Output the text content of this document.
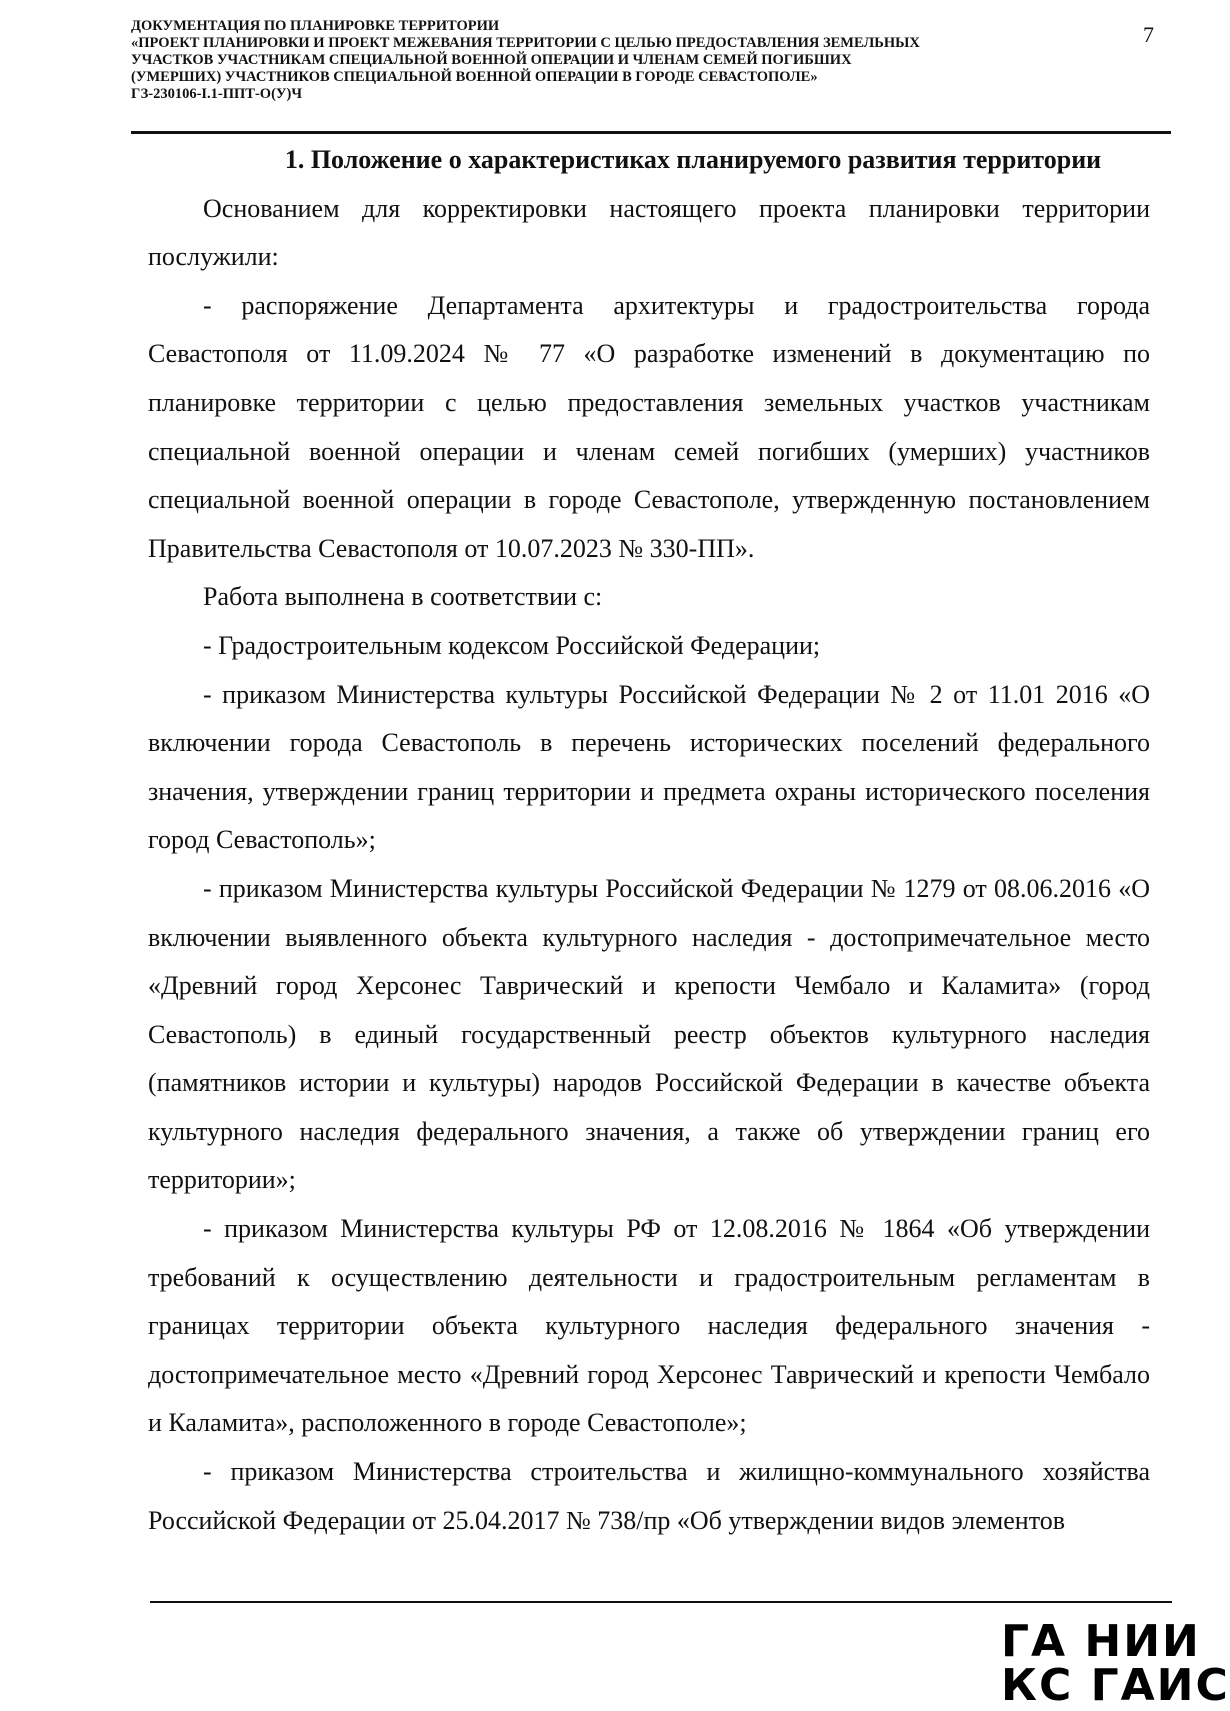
ДОКУМЕНТАЦИЯ ПО ПЛАНИРОВКЕ ТЕРРИТОРИИ
«ПРОЕКТ ПЛАНИРОВКИ И ПРОЕКТ МЕЖЕВАНИЯ ТЕРРИТОРИИ С ЦЕЛЬЮ ПРЕДОСТАВЛЕНИЯ ЗЕМЕЛЬНЫХ
УЧАСТКОВ УЧАСТНИКАМ СПЕЦИАЛЬНОЙ ВОЕННОЙ ОПЕРАЦИИ И ЧЛЕНАМ СЕМЕЙ ПОГИБШИХ
(УМЕРШИХ) УЧАСТНИКОВ СПЕЦИАЛЬНОЙ ВОЕННОЙ ОПЕРАЦИИ В ГОРОДЕ СЕВАСТОПОЛЕ»
ГЗ-230106-I.1-ППТ-О(У)Ч
7
1. Положение о характеристиках планируемого развития территории

Основанием для корректировки настоящего проекта планировки территории послужили:

- распоряжение Департамента архитектуры и градостроительства города Севастополя от 11.09.2024 № 77 «О разработке изменений в документацию по планировке территории с целью предоставления земельных участков участникам специальной военной операции и членам семей погибших (умерших) участников специальной военной операции в городе Севастополе, утвержденную постановлением Правительства Севастополя от 10.07.2023 № 330-ПП».

Работа выполнена в соответствии с:

- Градостроительным кодексом Российской Федерации;

- приказом Министерства культуры Российской Федерации № 2 от 11.01 2016 «О включении города Севастополь в перечень исторических поселений федерального значения, утверждении границ территории и предмета охраны исторического поселения город Севастополь»;

- приказом Министерства культуры Российской Федерации № 1279 от 08.06.2016 «О включении выявленного объекта культурного наследия - достопримечательное место «Древний город Херсонес Таврический и крепости Чембало и Каламита» (город Севастополь) в единый государственный реестр объектов культурного наследия (памятников истории и культуры) народов Российской Федерации в качестве объекта культурного наследия федерального значения, а также об утверждении границ его территории»;

- приказом Министерства культуры РФ от 12.08.2016 № 1864 «Об утверждении требований к осуществлению деятельности и градостроительным регламентам в границах территории объекта культурного наследия федерального значения - достопримечательное место «Древний город Херсонес Таврический и крепости Чембало и Каламита», расположенного в городе Севастополе»;

- приказом Министерства строительства и жилищно-коммунального хозяйства Российской Федерации от 25.04.2017 № 738/пр «Об утверждении видов элементов

ГА НИИ
КС ГАИС
